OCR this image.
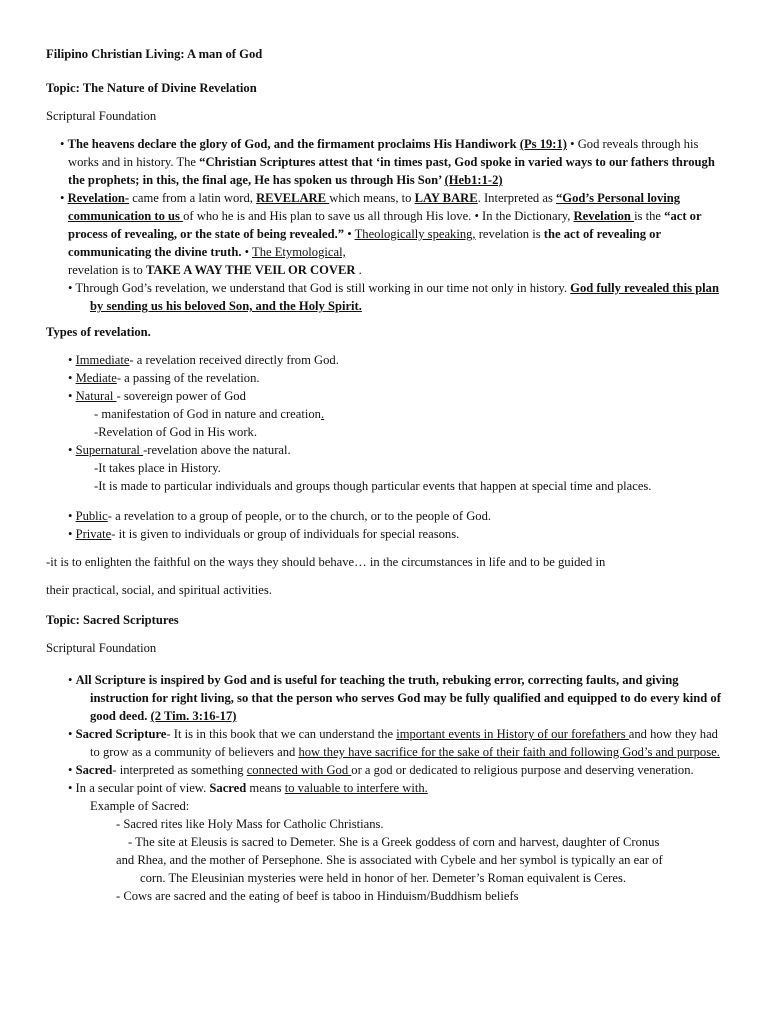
Filipino Christian Living: A man of God

Topic: The Nature of Divine Revelation

Scriptural Foundation

• The heavens declare the glory of God, and the firmament proclaims His Handiwork (Ps 19:1) • God reveals through his works and in history. The “Christian Scriptures attest that ‘in times past, God spoke in varied ways to our fathers through the prophets; in this, the final age, He has spoken us through His Son’ (Heb1:1-2)

• Revelation- came from a latin word, REVELARE which means, to LAY BARE. Interpreted as “God’s Personal loving communication to us of who he is and His plan to save us all through His love. • In the Dictionary, Revelation is the “act or process of revealing, or the state of being revealed.” • Theologically speaking, revelation is the act of revealing or communicating the divine truth. • The Etymological,

revelation is to TAKE A WAY THE VEIL OR COVER .

• Through God’s revelation, we understand that God is still working in our time not only in history. God fully revealed this plan by sending us his beloved Son, and the Holy Spirit.

Types of revelation.

• Immediate- a revelation received directly from God.

• Mediate- a passing of the revelation.

• Natural - sovereign power of God

- manifestation of God in nature and creation.

-Revelation of God in His work.

• Supernatural -revelation above the natural.

-It takes place in History.

-It is made to particular individuals and groups though particular events that happen at special time and places.

• Public- a revelation to a group of people, or to the church, or to the people of God.

• Private- it is given to individuals or group of individuals for special reasons.

-it is to enlighten the faithful on the ways they should behave… in the circumstances in life and to be guided in

their practical, social, and spiritual activities.

Topic: Sacred Scriptures

Scriptural Foundation

• All Scripture is inspired by God and is useful for teaching the truth, rebuking error, correcting faults, and giving instruction for right living, so that the person who serves God may be fully qualified and equipped to do every kind of good deed. (2 Tim. 3:16-17)

• Sacred Scripture- It is in this book that we can understand the important events in History of our forefathers and how they had to grow as a community of believers and how they have sacrifice for the sake of their faith and following God’s and purpose.

• Sacred- interpreted as something connected with God or a god or dedicated to religious purpose and deserving veneration.

• In a secular point of view. Sacred means to valuable to interfere with.

Example of Sacred:

- Sacred rites like Holy Mass for Catholic Christians.

- The site at Eleusis is sacred to Demeter. She is a Greek goddess of corn and harvest, daughter of Cronus

and Rhea, and the mother of Persephone. She is associated with Cybele and her symbol is typically an ear of

corn. The Eleusinian mysteries were held in honor of her. Demeter’s Roman equivalent is Ceres.

- Cows are sacred and the eating of beef is taboo in Hinduism/Buddhism beliefs
